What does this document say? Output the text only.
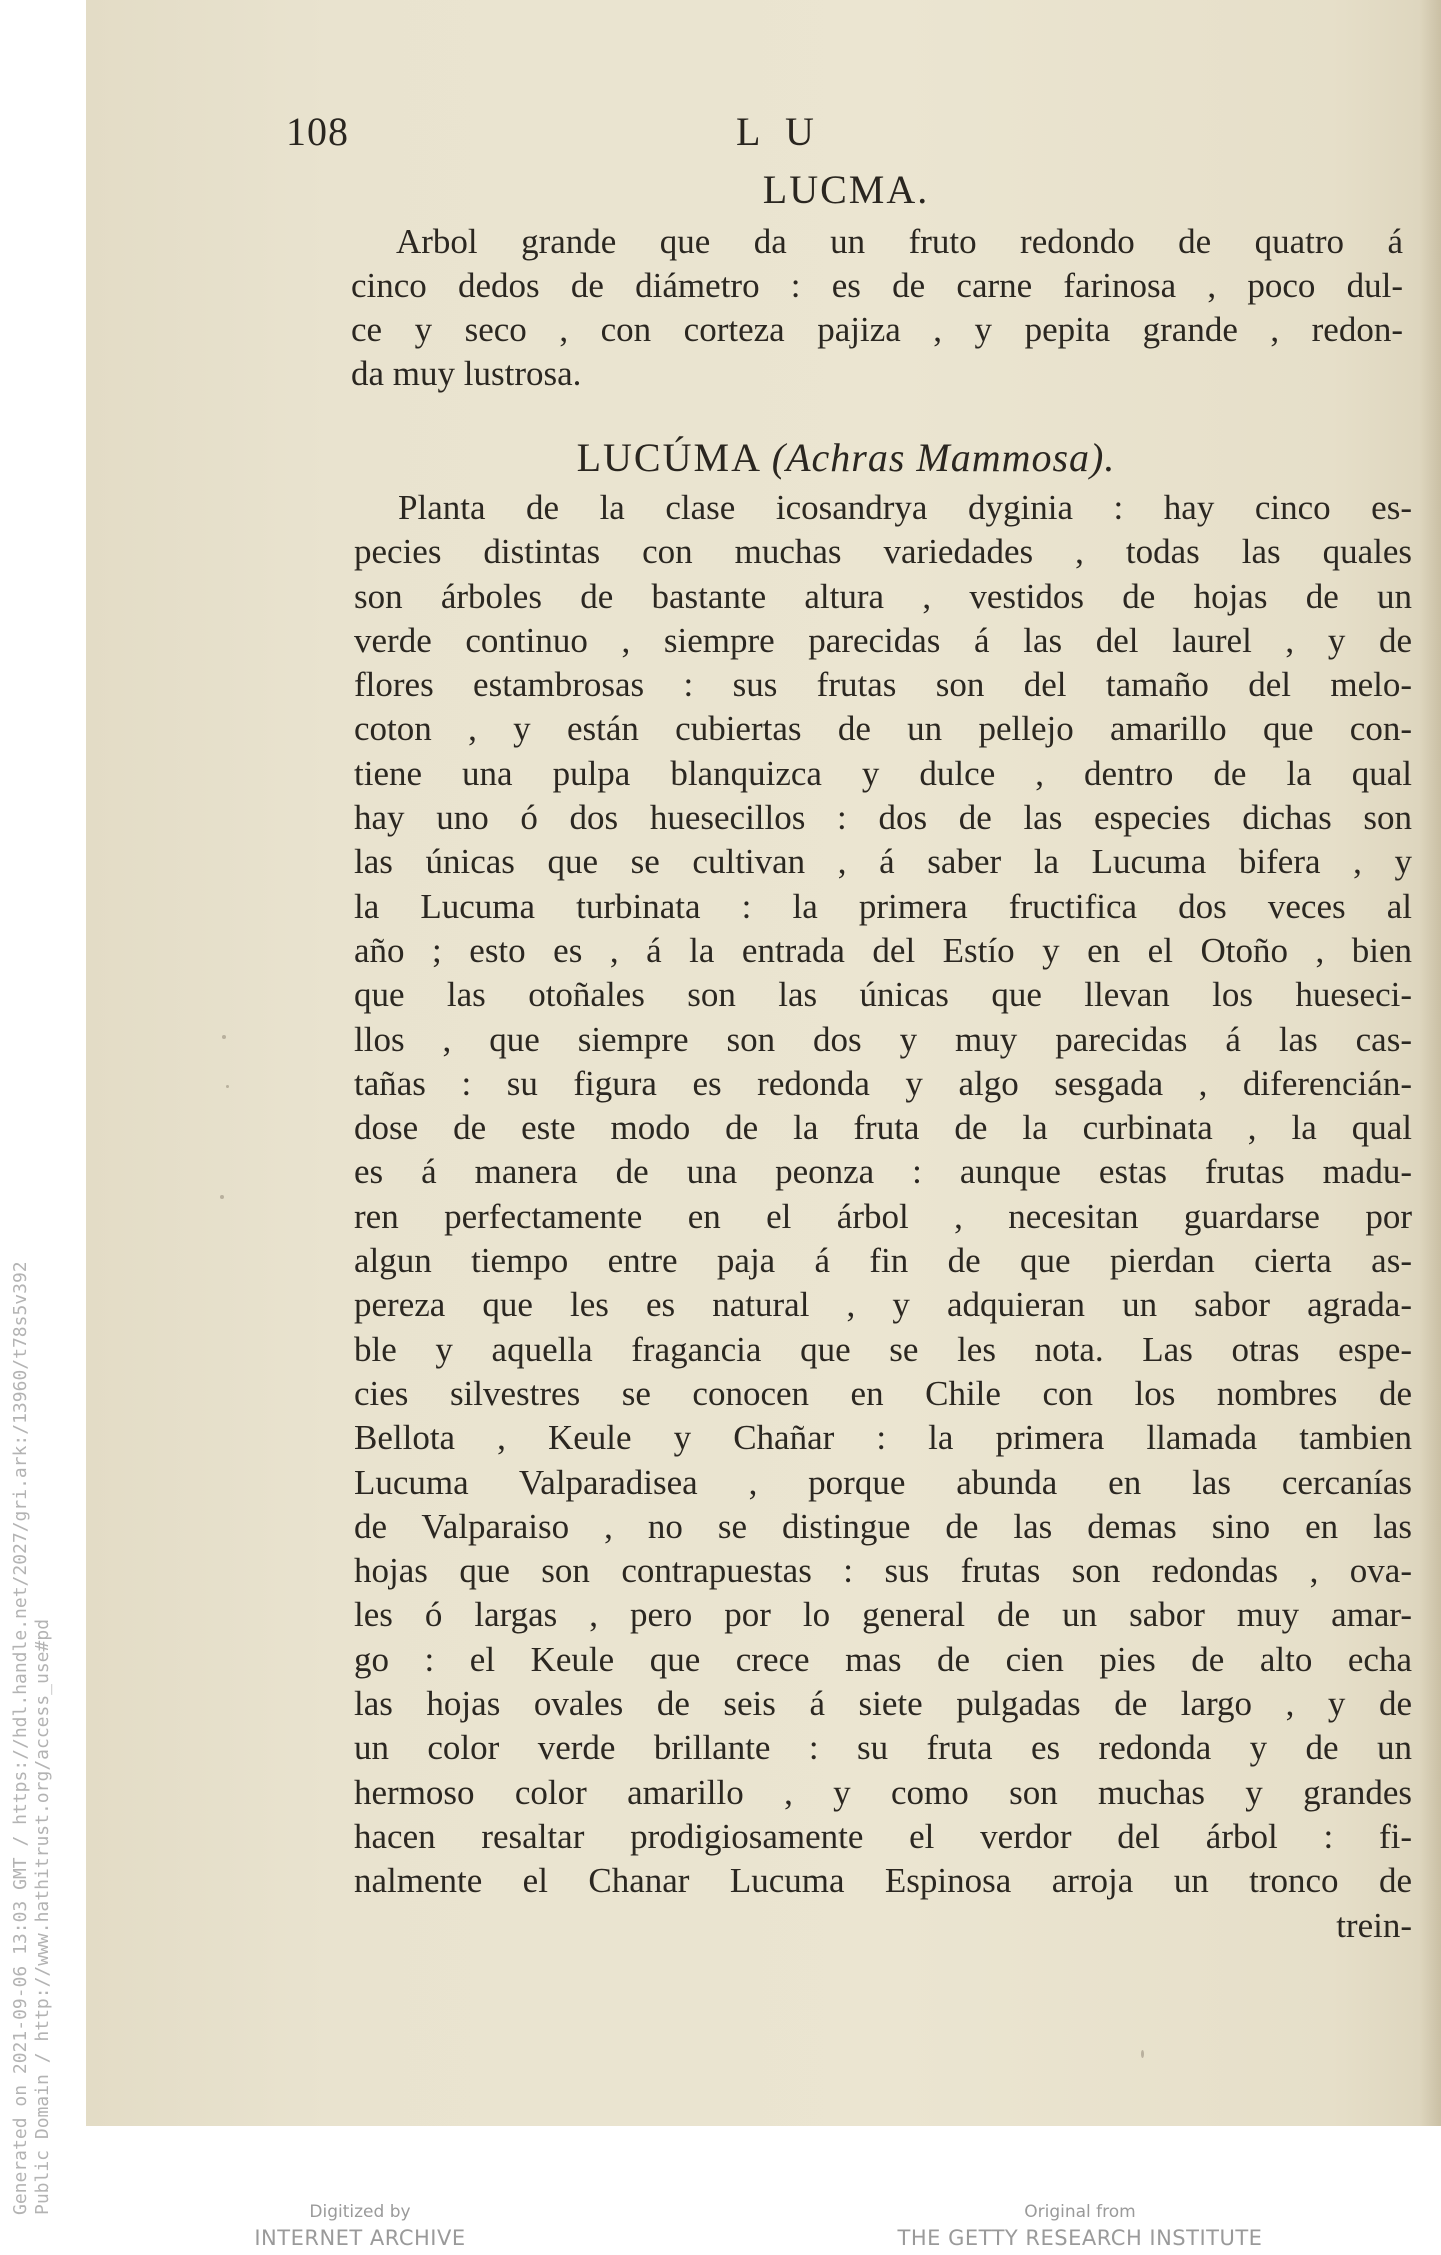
108	L U
LUCMA.
Arbol grande que da un fruto redondo de quatro á
cinco dedos de diámetro : es de carne farinosa , poco dul-
ce y seco , con corteza pajiza , y pepita grande , redon-
da muy lustrosa.
LUCÚMA (Achras Mammosa).
Planta de la clase icosandrya dyginia : hay cinco es-
pecies distintas con muchas variedades , todas las quales
son árboles de bastante altura , vestidos de hojas de un
verde continuo , siempre parecidas á las del laurel , y de
flores estambrosas : sus frutas son del tamaño del melo-
coton , y están cubiertas de un pellejo amarillo que con-
tiene una pulpa blanquizca y dulce , dentro de la qual
hay uno ó dos huesecillos : dos de las especies dichas son
las únicas que se cultivan , á saber la Lucuma bifera , y
la Lucuma turbinata : la primera fructifica dos veces al
año ; esto es , á la entrada del Estío y en el Otoño , bien
que las otoñales son las únicas que llevan los hueseci-
llos , que siempre son dos y muy parecidas á las cas-
tañas : su figura es redonda y algo sesgada , diferencián-
dose de este modo de la fruta de la curbinata , la qual
es á manera de una peonza : aunque estas frutas madu-
ren perfectamente en el árbol , necesitan guardarse por
algun tiempo entre paja á fin de que pierdan cierta as-
pereza que les es natural , y adquieran un sabor agrada-
ble y aquella fragancia que se les nota. Las otras espe-
cies silvestres se conocen en Chile con los nombres de
Bellota , Keule y Chañar : la primera llamada tambien
Lucuma Valparadisea , porque abunda en las cercanías
de Valparaiso , no se distingue de las demas sino en las
hojas que son contrapuestas : sus frutas son redondas , ova-
les ó largas , pero por lo general de un sabor muy amar-
go : el Keule que crece mas de cien pies de alto echa
las hojas ovales de seis á siete pulgadas de largo , y de
un color verde brillante : su fruta es redonda y de un
hermoso color amarillo , y como son muchas y grandes
hacen resaltar prodigiosamente el verdor del árbol : fi-
nalmente el Chanar Lucuma Espinosa arroja un tronco de
trein-
Generated on 2021-09-06 13:03 GMT / https://hdl.handle.net/2027/gri.ark:/13960/t78s5v392 Public Domain / http://www.hathitrust.org/access_use#pd	Digitized by
INTERNET ARCHIVE
Original from
THE GETTY RESEARCH INSTITUTE
